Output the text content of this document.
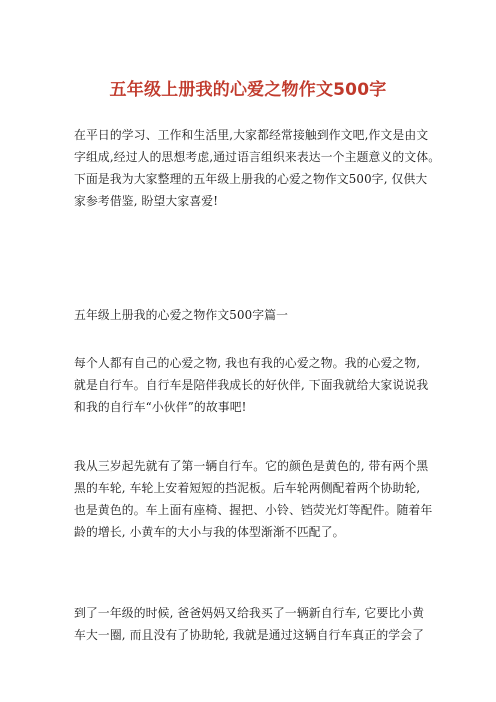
五年级上册我的心爱之物作文500字
在平日的学习、工作和生活里,大家都经常接触到作文吧,作文是由文
字组成,经过人的思想考虑,通过语言组织来表达一个主题意义的文体。
下面是我为大家整理的五年级上册我的心爱之物作文500字, 仅供大
家参考借鉴, 盼望大家喜爱!
五年级上册我的心爱之物作文500字篇一
每个人都有自己的心爱之物, 我也有我的心爱之物。我的心爱之物,
就是自行车。自行车是陪伴我成长的好伙伴, 下面我就给大家说说我
和我的自行车“小伙伴”的故事吧!
我从三岁起先就有了第一辆自行车。它的颜色是黄色的, 带有两个黑
黑的车轮, 车轮上安着短短的挡泥板。后车轮两侧配着两个协助轮,
也是黄色的。车上面有座椅、握把、小铃、铛荧光灯等配件。随着年
龄的增长, 小黄车的大小与我的体型渐渐不匹配了。
到了一年级的时候, 爸爸妈妈又给我买了一辆新自行车, 它要比小黄
车大一圈, 而且没有了协助轮, 我就是通过这辆自行车真正的学会了
